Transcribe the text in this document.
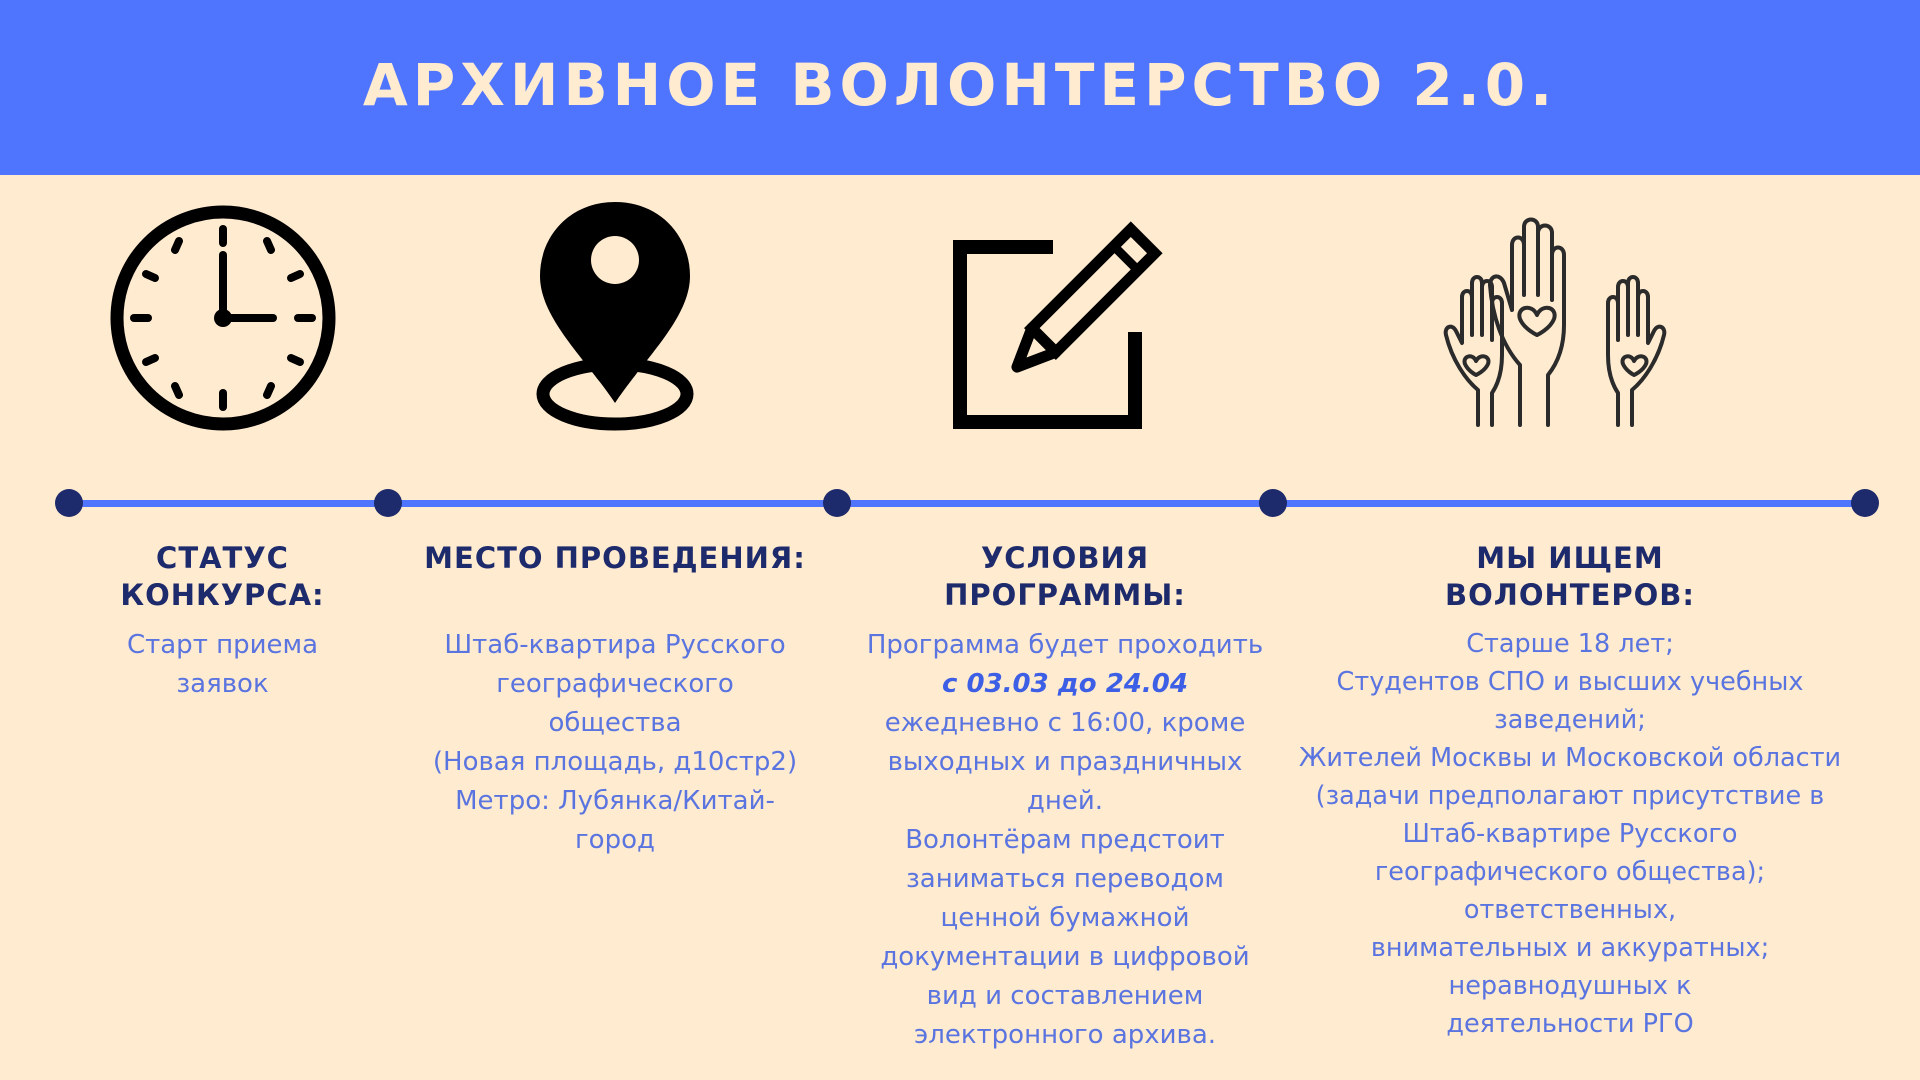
АРХИВНОЕ ВОЛОНТЕРСТВО 2.0.
СТАТУС
КОНКУРСА:
Старт приема
заявок
МЕСТО ПРОВЕДЕНИЯ:
Штаб-квартира Русского
географического
общества
(Новая площадь, д10стр2)
Метро: Лубянка/Китай-
город
УСЛОВИЯ
ПРОГРАММЫ:
Программа будет проходить
с 03.03 до 24.04
ежедневно с 16:00, кроме
выходных и праздничных
дней.
Волонтёрам предстоит
заниматься переводом
ценной бумажной
документации в цифровой
вид и составлением
электронного архива.
МЫ ИЩЕМ
ВОЛОНТЕРОВ:
Старше 18 лет;
Студентов СПО и высших учебных
заведений;
Жителей Москвы и Московской области
(задачи предполагают присутствие в
Штаб-квартире Русского
географического общества);
ответственных,
внимательных и аккуратных;
неравнодушных к
деятельности РГО
